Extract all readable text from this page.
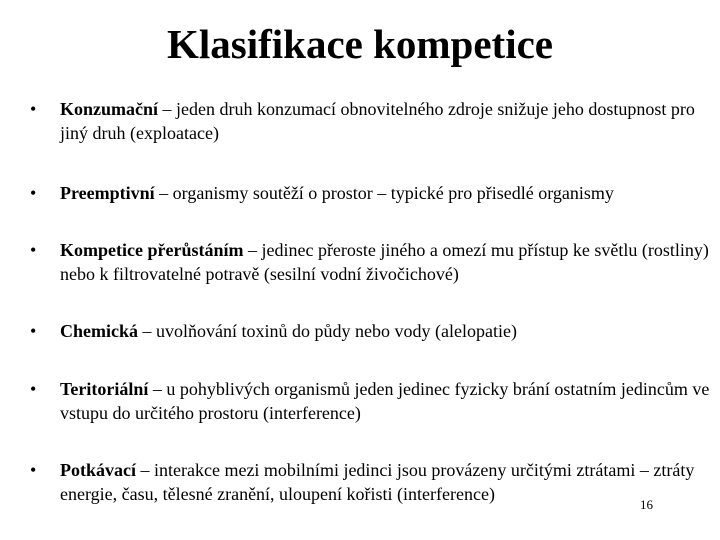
Klasifikace kompetice
•	Konzumační – jeden druh konzumací obnovitelného zdroje snižuje jeho dostupnost pro jiný druh (exploatace)
•	Preemptivní – organismy soutěží o prostor – typické pro přisedlé organismy
•	Kompetice přerůstáním – jedinec přeroste jiného a omezí mu přístup ke světlu (rostliny) nebo k filtrovatelné potravě (sesilní vodní živočichové)
•	Chemická – uvolňování toxinů do půdy nebo vody (alelopatie)
•	Teritoriální – u pohyblivých organismů jeden jedinec fyzicky brání ostatním jedincům ve vstupu do určitého prostoru (interference)
•	Potkávací – interakce mezi mobilními jedinci jsou provázeny určitými ztrátami – ztráty energie, času, tělesné zranění, uloupení kořisti (interference)
16
